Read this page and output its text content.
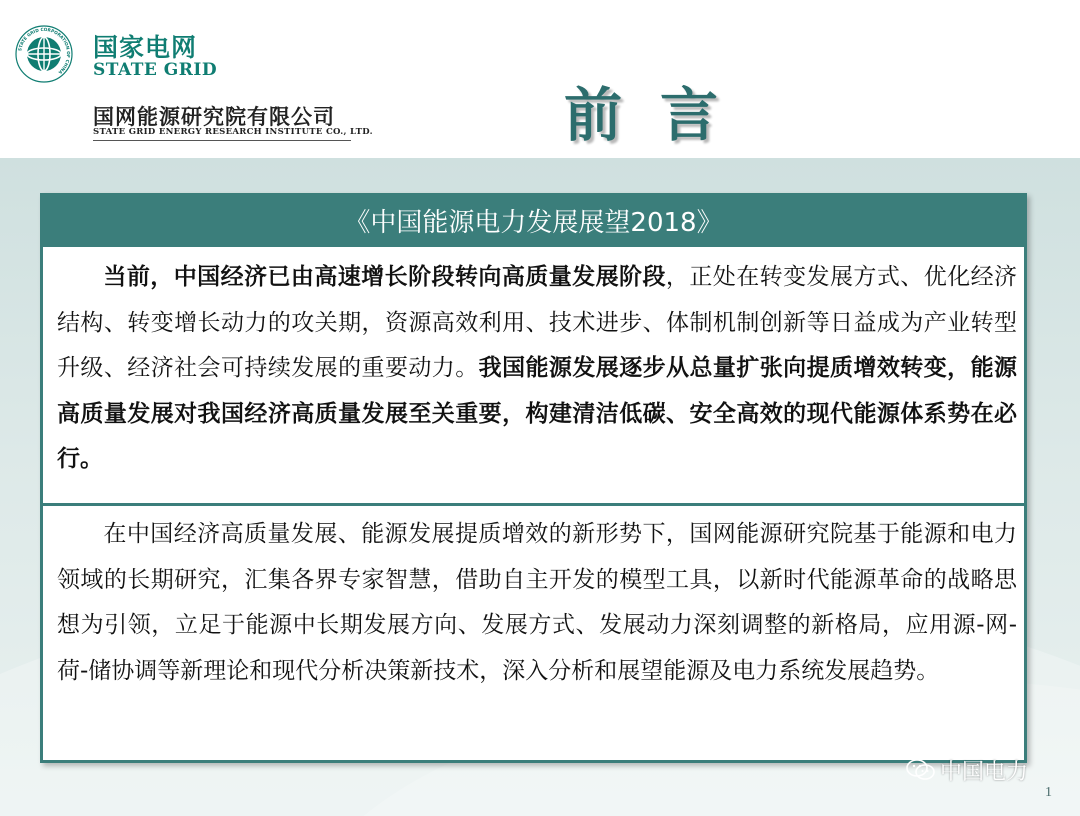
STATE GRID CORPORATION OF CHINA
国家电网
STATE GRID
国网能源研究院有限公司
STATE GRID ENERGY RESEARCH INSTITUTE CO., LTD.	前言
《中国能源电力发展展望2018》

当前，中国经济已由高速增长阶段转向高质量发展阶段，正处在转变发展方式、优化经济结构、转变增长动力的攻关期，资源高效利用、技术进步、体制机制创新等日益成为产业转型升级、经济社会可持续发展的重要动力。我国能源发展逐步从总量扩张向提质增效转变，能源高质量发展对我国经济高质量发展至关重要，构建清洁低碳、安全高效的现代能源体系势在必行。

在中国经济高质量发展、能源发展提质增效的新形势下，国网能源研究院基于能源和电力领域的长期研究，汇集各界专家智慧，借助自主开发的模型工具，以新时代能源革命的战略思想为引领，立足于能源中长期发展方向、发展方式、发展动力深刻调整的新格局，应用源-网-荷-储协调等新理论和现代分析决策新技术，深入分析和展望能源及电力系统发展趋势。

中国电力
1
